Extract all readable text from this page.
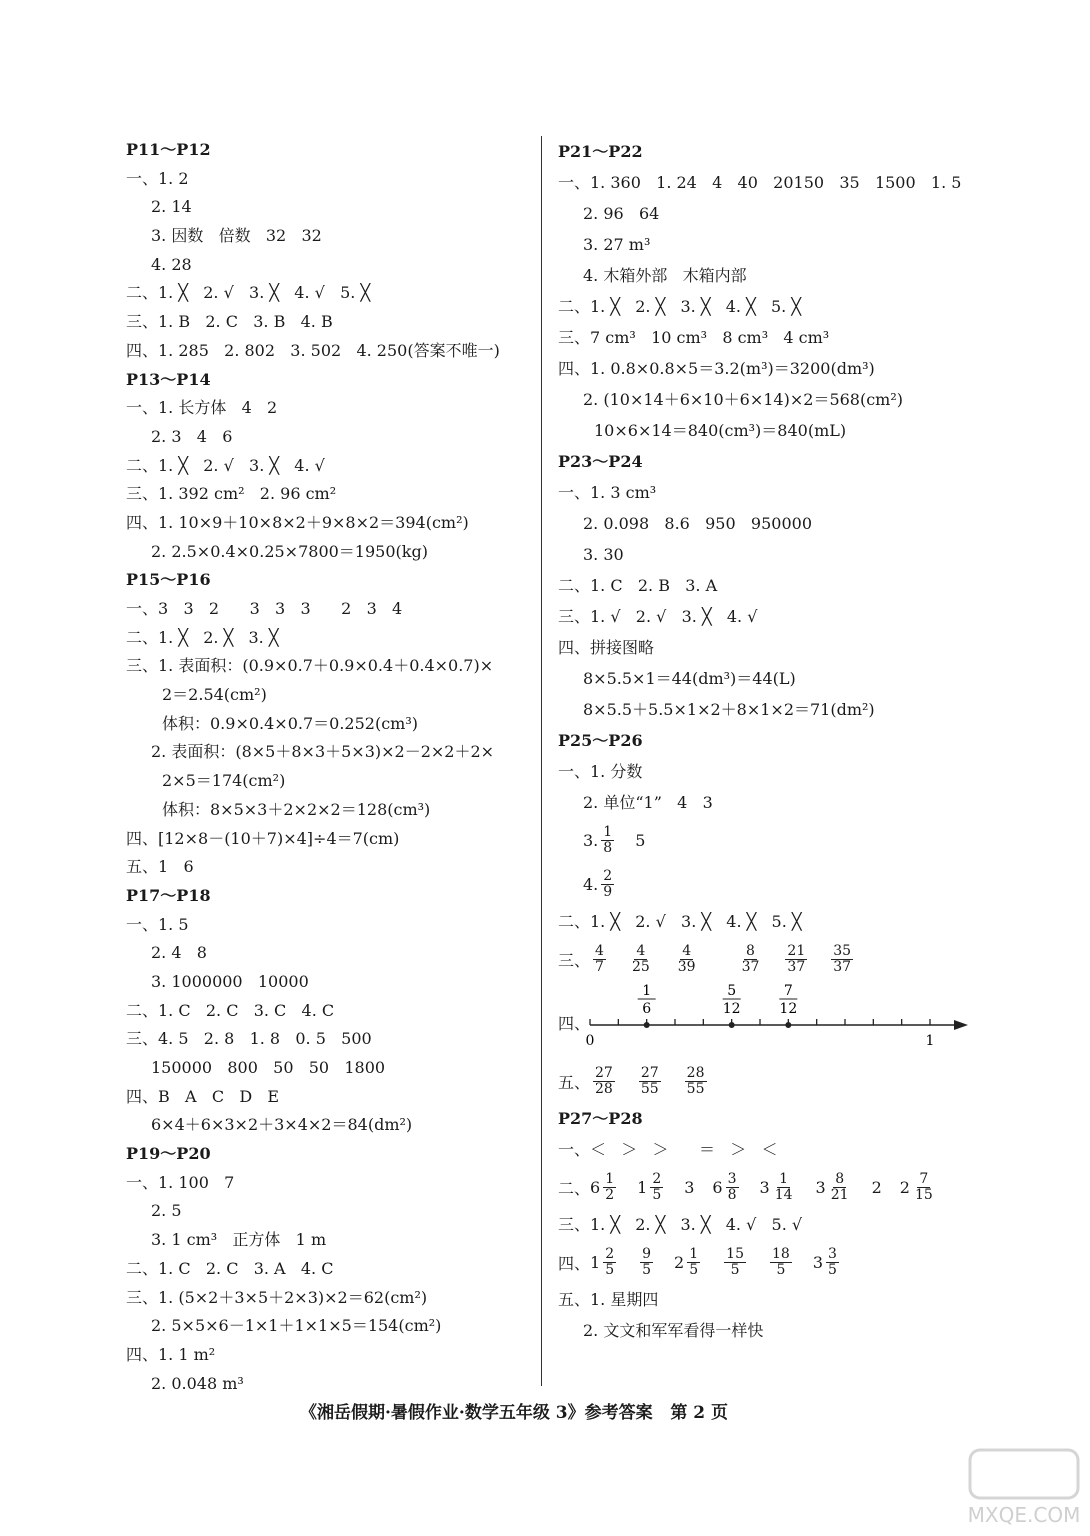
P11～P12
一、1. 2
2. 14
3. 因数   倍数   32   32
4. 28
二、1. ╳   2. √   3. ╳   4. √   5. ╳
三、1. B   2. C   3. B   4. B
四、1. 285   2. 802   3. 502   4. 250(答案不唯一)
P13～P14
一、1. 长方体   4   2
2. 3   4   6
二、1. ╳   2. √   3. ╳   4. √
三、1. 392 cm²   2. 96 cm²
四、1. 10×9＋10×8×2＋9×8×2＝394(cm²)
2. 2.5×0.4×0.25×7800＝1950(kg)
P15～P16
一、3   3   2      3   3   3      2   3   4
二、1. ╳   2. ╳   3. ╳
三、1. 表面积：(0.9×0.7＋0.9×0.4＋0.4×0.7)×
2＝2.54(cm²)
体积：0.9×0.4×0.7＝0.252(cm³)
2. 表面积：(8×5＋8×3＋5×3)×2－2×2＋2×
2×5＝174(cm²)
体积：8×5×3＋2×2×2＝128(cm³)
四、[12×8－(10＋7)×4]÷4＝7(cm)
五、1   6
P17～P18
一、1. 5
2. 4   8
3. 1000000   10000
二、1. C   2. C   3. C   4. C
三、4. 5   2. 8   1. 8   0. 5   500
150000   800   50   50   1800
四、B   A   C   D   E
6×4＋6×3×2＋3×4×2＝84(dm²)
P19～P20
一、1. 100   7
2. 5
3. 1 cm³   正方体   1 m
二、1. C   2. C   3. A   4. C
三、1. (5×2＋3×5＋2×3)×2＝62(cm²)
2. 5×5×6－1×1＋1×1×5＝154(cm²)
四、1. 1 m²
2. 0.048 m³
P21～P22
一、1. 360   1. 24   4   40   20150   35   1500   1. 5
2. 96   64
3. 27 m³
4. 木箱外部   木箱内部
二、1. ╳   2. ╳   3. ╳   4. ╳   5. ╳
三、7 cm³   10 cm³   8 cm³   4 cm³
四、1. 0.8×0.8×5＝3.2(m³)＝3200(dm³)
2. (10×14＋6×10＋6×14)×2＝568(cm²)
10×6×14＝840(cm³)＝840(mL)
P23～P24
一、1. 3 cm³
2. 0.098   8.6   950   950000
3. 30
二、1. C   2. B   3. A
三、1. √   2. √   3. ╳   4. √
四、拼接图略
8×5.5×1＝44(dm³)＝44(L)
8×5.5＋5.5×1×2＋8×1×2＝71(dm²)
P25～P26
一、1. 分数
2. 单位“1”   4   3
3. $\frac{1}{8} 5$
4. $\frac{2}{9}$
二、1. ╳   2. √   3. ╳   4. ╳   5. ╳
三、 $\frac{4}{7} \frac{4}{25} \frac{4}{39}$	$\frac{8}{37} \frac{21}{37} \frac{35}{37}$
四、
0	1
1
6
5
12
7
12
五、 $\frac{27}{28} \frac{27}{55} \frac{28}{55}$
P27～P28
一、＜   ＞   ＞      ＝   ＞   ＜
二、 $6 \frac{1}{2} 1 \frac{2}{5} 3$ $6 \frac{3}{8} 3 \frac{1}{14} 3 \frac{8}{21} 2$ $2 \frac{7}{15}$
三、1. ╳   2. ╳   3. ╳   4. √   5. √
四、 $1 \frac{2}{5} \frac{9}{5} 2 \frac{1}{5} \frac{15}{5} \frac{18}{5} 3 \frac{3}{5}$
五、1. 星期四
2. 文文和军军看得一样快
《湘岳假期·暑假作业·数学五年级 3》参考答案   第 2 页
MXQE.COM
